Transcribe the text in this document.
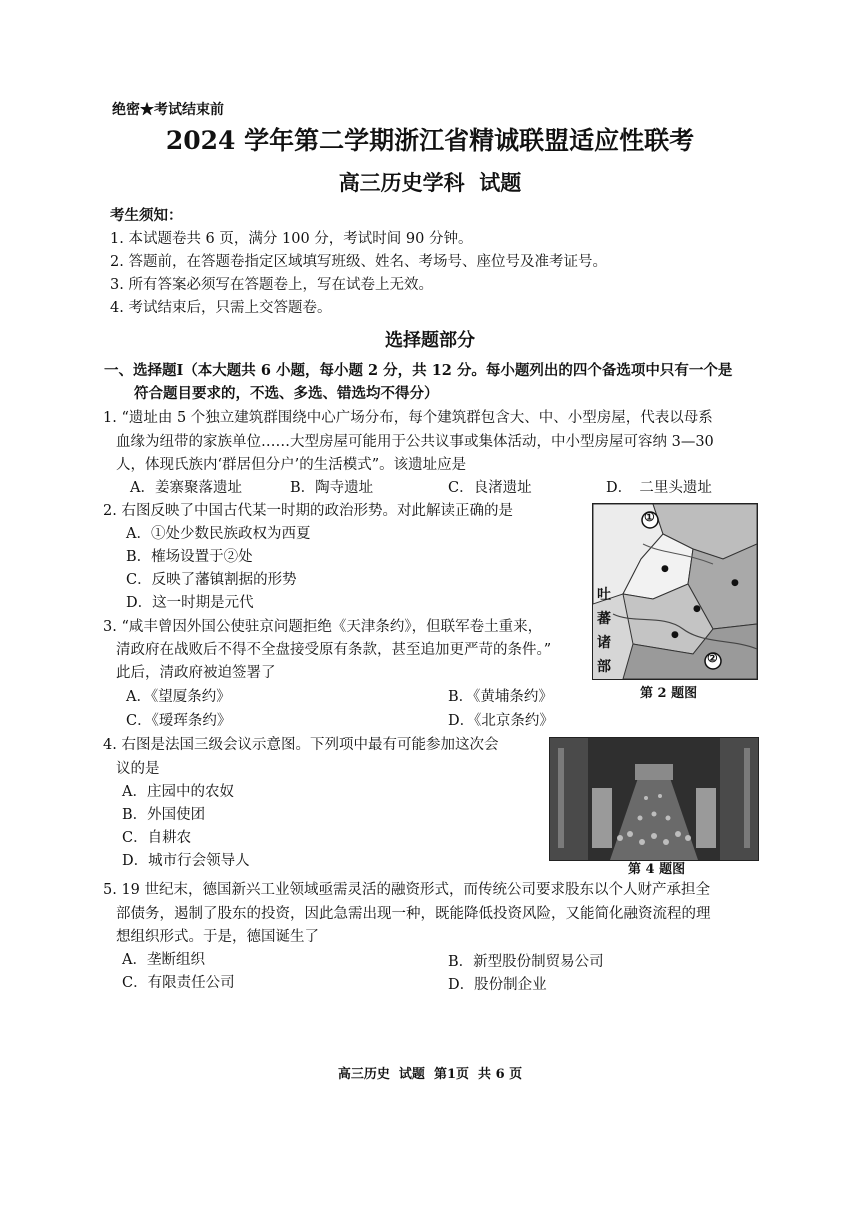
绝密★考试结束前
2024 学年第二学期浙江省精诚联盟适应性联考
高三历史学科  试题
考生须知：
1. 本试题卷共 6 页，满分 100 分，考试时间 90 分钟。
2. 答题前，在答题卷指定区域填写班级、姓名、考场号、座位号及准考证号。
3. 所有答案必须写在答题卷上，写在试卷上无效。
4. 考试结束后，只需上交答题卷。
选择题部分
一、选择题Ⅰ（本大题共 6 小题，每小题 2 分，共 12 分。每小题列出的四个备选项中只有一个是
符合题目要求的，不选、多选、错选均不得分）
1. “遗址由 5 个独立建筑群围绕中心广场分布，每个建筑群包含大、中、小型房屋，代表以母系
血缘为纽带的家族单位……大型房屋可能用于公共议事或集体活动，中小型房屋可容纳 3—30
人，体现氏族内‘群居但分户’的生活模式”。该遗址应是
A．姜寨聚落遗址	B．陶寺遗址	C．良渚遗址	D．　二里头遗址
2. 右图反映了中国古代某一时期的政治形势。对此解读正确的是
A．①处少数民族政权为西夏
B．榷场设置于②处
C．反映了藩镇割据的形势
D．这一时期是元代
①
②
吐
蕃
诸
部
●
●
●
●
第 2 题图
3. “咸丰曾因外国公使驻京问题拒绝《天津条约》，但联军卷土重来，
清政府在战败后不得不全盘接受原有条款，甚至追加更严苛的条件。”
此后，清政府被迫签署了
A．《望厦条约》	B．《黄埔条约》
C．《瑷珲条约》	D．《北京条约》
4. 右图是法国三级会议示意图。下列项中最有可能参加这次会
议的是
A．庄园中的农奴
B．外国使团
C．自耕农
D．城市行会领导人
第 4 题图
5. 19 世纪末，德国新兴工业领域亟需灵活的融资形式，而传统公司要求股东以个人财产承担全
部债务，遏制了股东的投资，因此急需出现一种，既能降低投资风险，又能简化融资流程的理
想组织形式。于是，德国诞生了
A．垄断组织	B．新型股份制贸易公司
C．有限责任公司	D．股份制企业
高三历史  试题  第1页  共 6 页
